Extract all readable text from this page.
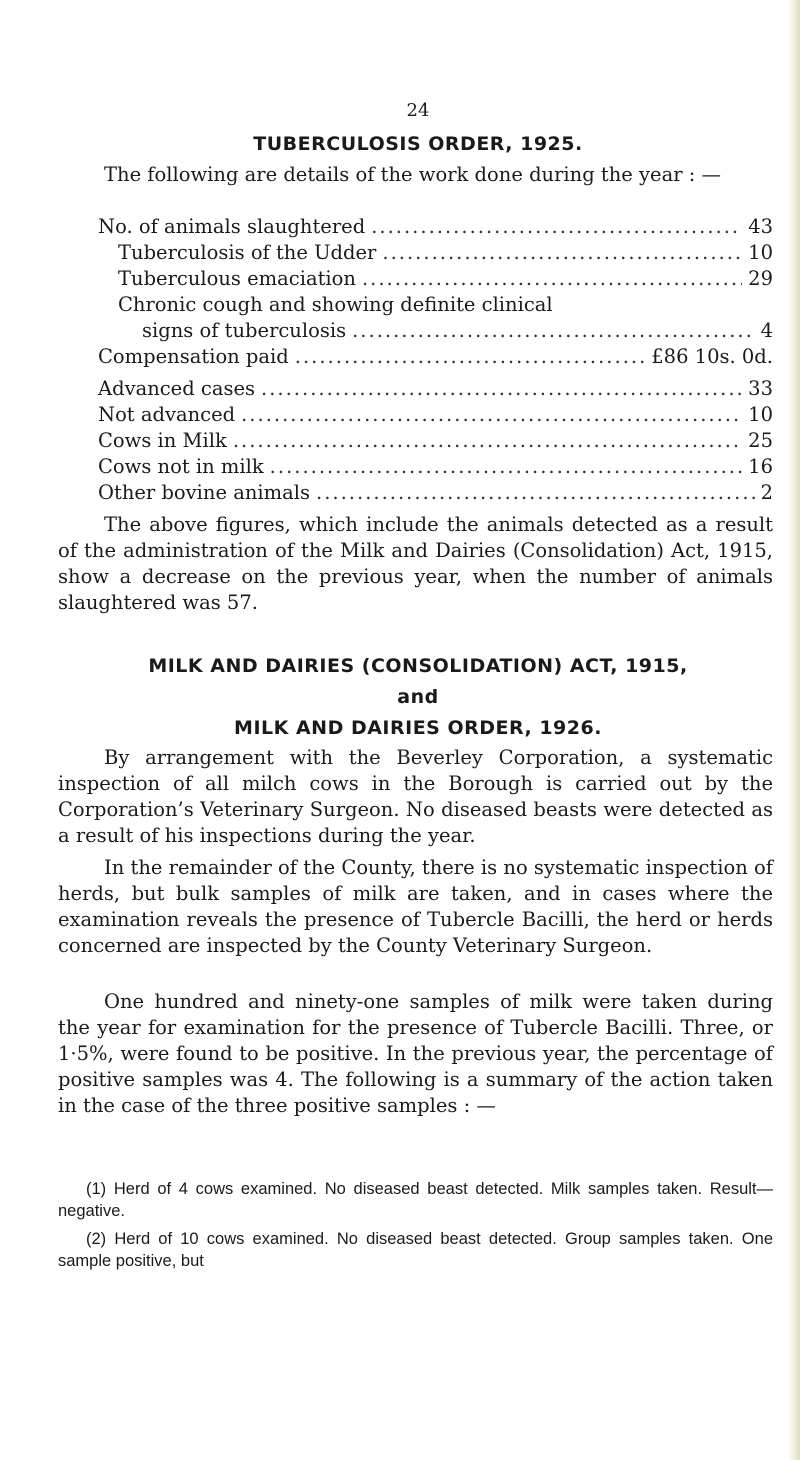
24
TUBERCULOSIS ORDER, 1925.
The following are details of the work done during the year : —
No. of animals slaughtered .....	43
Tuberculosis of the Udder .....	10
Tuberculous emaciation .....	29
Chronic cough and showing definite clinical
signs of tuberculosis .....	4
Compensation paid .....	£86 10s. 0d.
Advanced cases .....	33
Not advanced .....	10
Cows in Milk .....	25
Cows not in milk .....	16
Other bovine animals .....	2
The above figures, which include the animals detected as a result of the administration of the Milk and Dairies (Consolidation) Act, 1915, show a decrease on the previous year, when the number of animals slaughtered was 57.
MILK AND DAIRIES (CONSOLIDATION) ACT, 1915,
and
MILK AND DAIRIES ORDER, 1926.
By arrangement with the Beverley Corporation, a systematic inspection of all milch cows in the Borough is carried out by the Corporation’s Veterinary Surgeon. No diseased beasts were detected as a result of his inspections during the year.
In the remainder of the County, there is no systematic inspection of herds, but bulk samples of milk are taken, and in cases where the examination reveals the presence of Tubercle Bacilli, the herd or herds concerned are inspected by the County Veterinary Surgeon.
One hundred and ninety-one samples of milk were taken during the year for examination for the presence of Tubercle Bacilli. Three, or 1·5%, were found to be positive. In the previous year, the percentage of positive samples was 4. The following is a summary of the action taken in the case of the three positive samples : —
(1) Herd of 4 cows examined. No diseased beast detected. Milk samples taken. Result—negative.
(2) Herd of 10 cows examined. No diseased beast detected. Group samples taken. One sample positive, but
